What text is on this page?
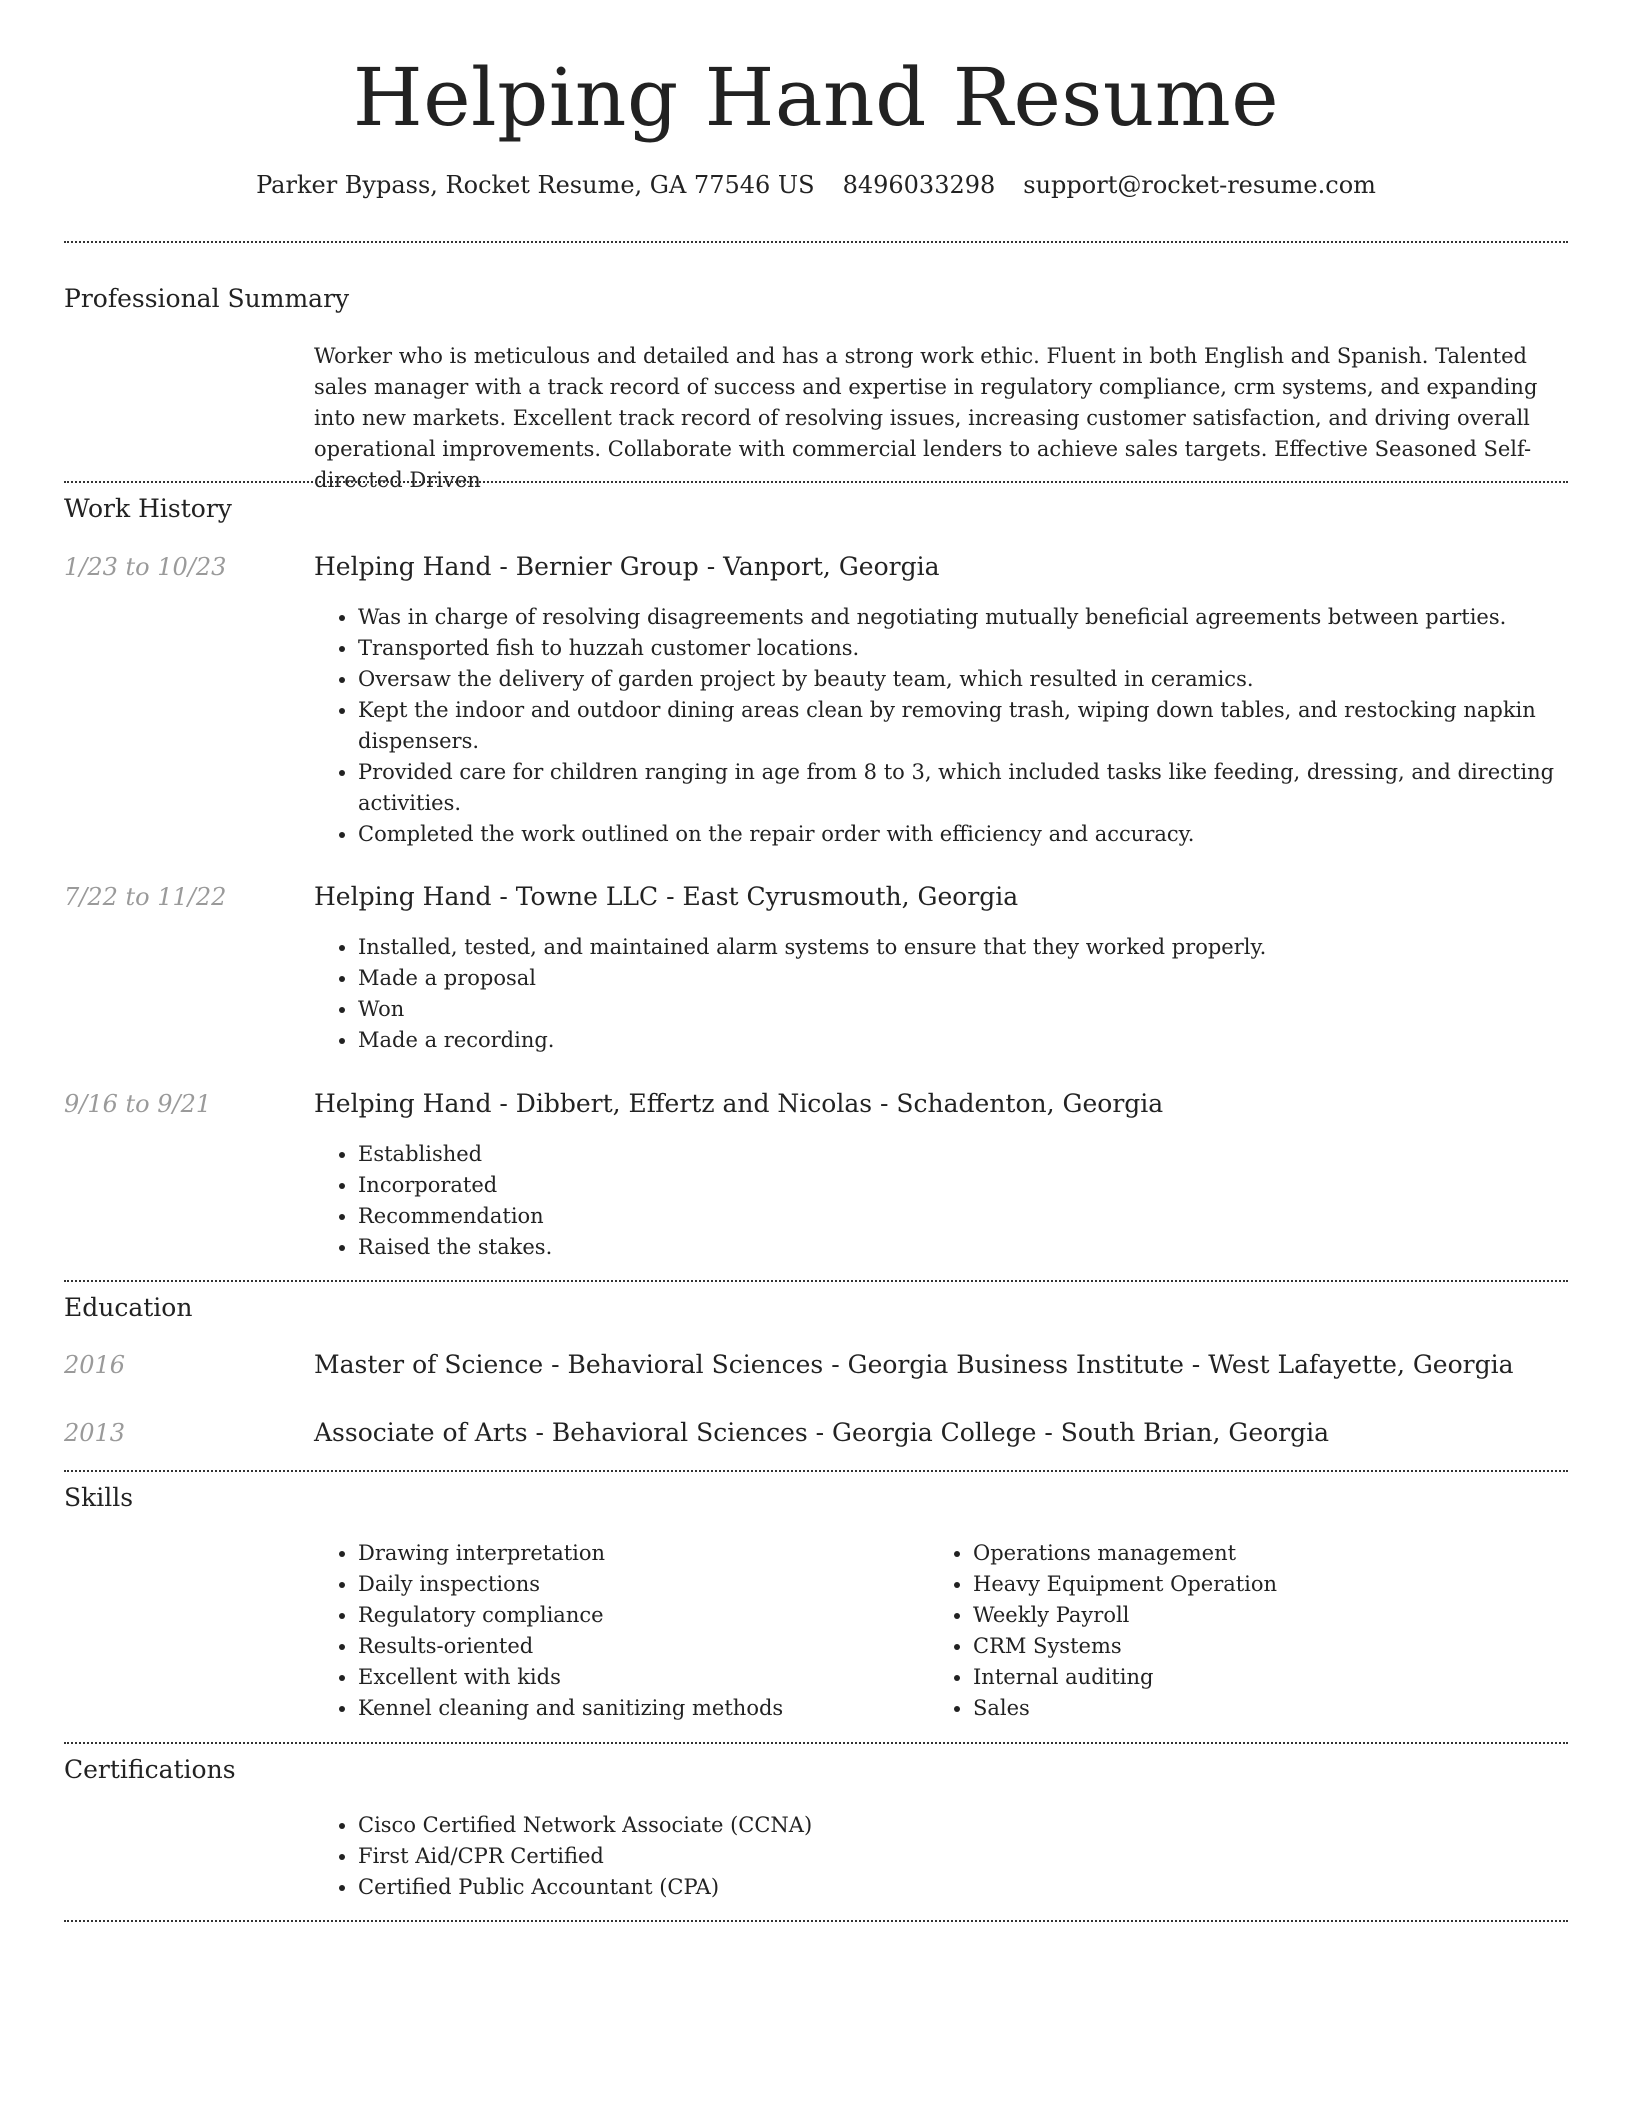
Helping Hand Resume
Parker Bypass, Rocket Resume, GA 77546 US 8496033298 support@rocket-resume.com
Professional Summary

Worker who is meticulous and detailed and has a strong work ethic. Fluent in both English and Spanish. Talented sales manager with a track record of success and expertise in regulatory compliance, crm systems, and expanding into new markets. Excellent track record of resolving issues, increasing customer satisfaction, and driving overall operational improvements. Collaborate with commercial lenders to achieve sales targets. Effective Seasoned Self-directed Driven

Work History
1/23 to 10/23	Helping Hand - Bernier Group - Vanport, Georgia
• Was in charge of resolving disagreements and negotiating mutually beneficial agreements between parties.
• Transported fish to huzzah customer locations.
• Oversaw the delivery of garden project by beauty team, which resulted in ceramics.
• Kept the indoor and outdoor dining areas clean by removing trash, wiping down tables, and restocking napkin dispensers.
• Provided care for children ranging in age from 8 to 3, which included tasks like feeding, dressing, and directing activities.
• Completed the work outlined on the repair order with efficiency and accuracy.
7/22 to 11/22	Helping Hand - Towne LLC - East Cyrusmouth, Georgia
• Installed, tested, and maintained alarm systems to ensure that they worked properly.
• Made a proposal
• Won
• Made a recording.
9/16 to 9/21	Helping Hand - Dibbert, Effertz and Nicolas - Schadenton, Georgia
• Established
• Incorporated
• Recommendation
• Raised the stakes.
Education
2016	Master of Science - Behavioral Sciences - Georgia Business Institute - West Lafayette, Georgia
2013	Associate of Arts - Behavioral Sciences - Georgia College - South Brian, Georgia
Skills
• Drawing interpretation
• Daily inspections
• Regulatory compliance
• Results-oriented
• Excellent with kids
• Kennel cleaning and sanitizing methods
• Operations management
• Heavy Equipment Operation
• Weekly Payroll
• CRM Systems
• Internal auditing
• Sales
Certifications
• Cisco Certified Network Associate (CCNA)
• First Aid/CPR Certified
• Certified Public Accountant (CPA)
